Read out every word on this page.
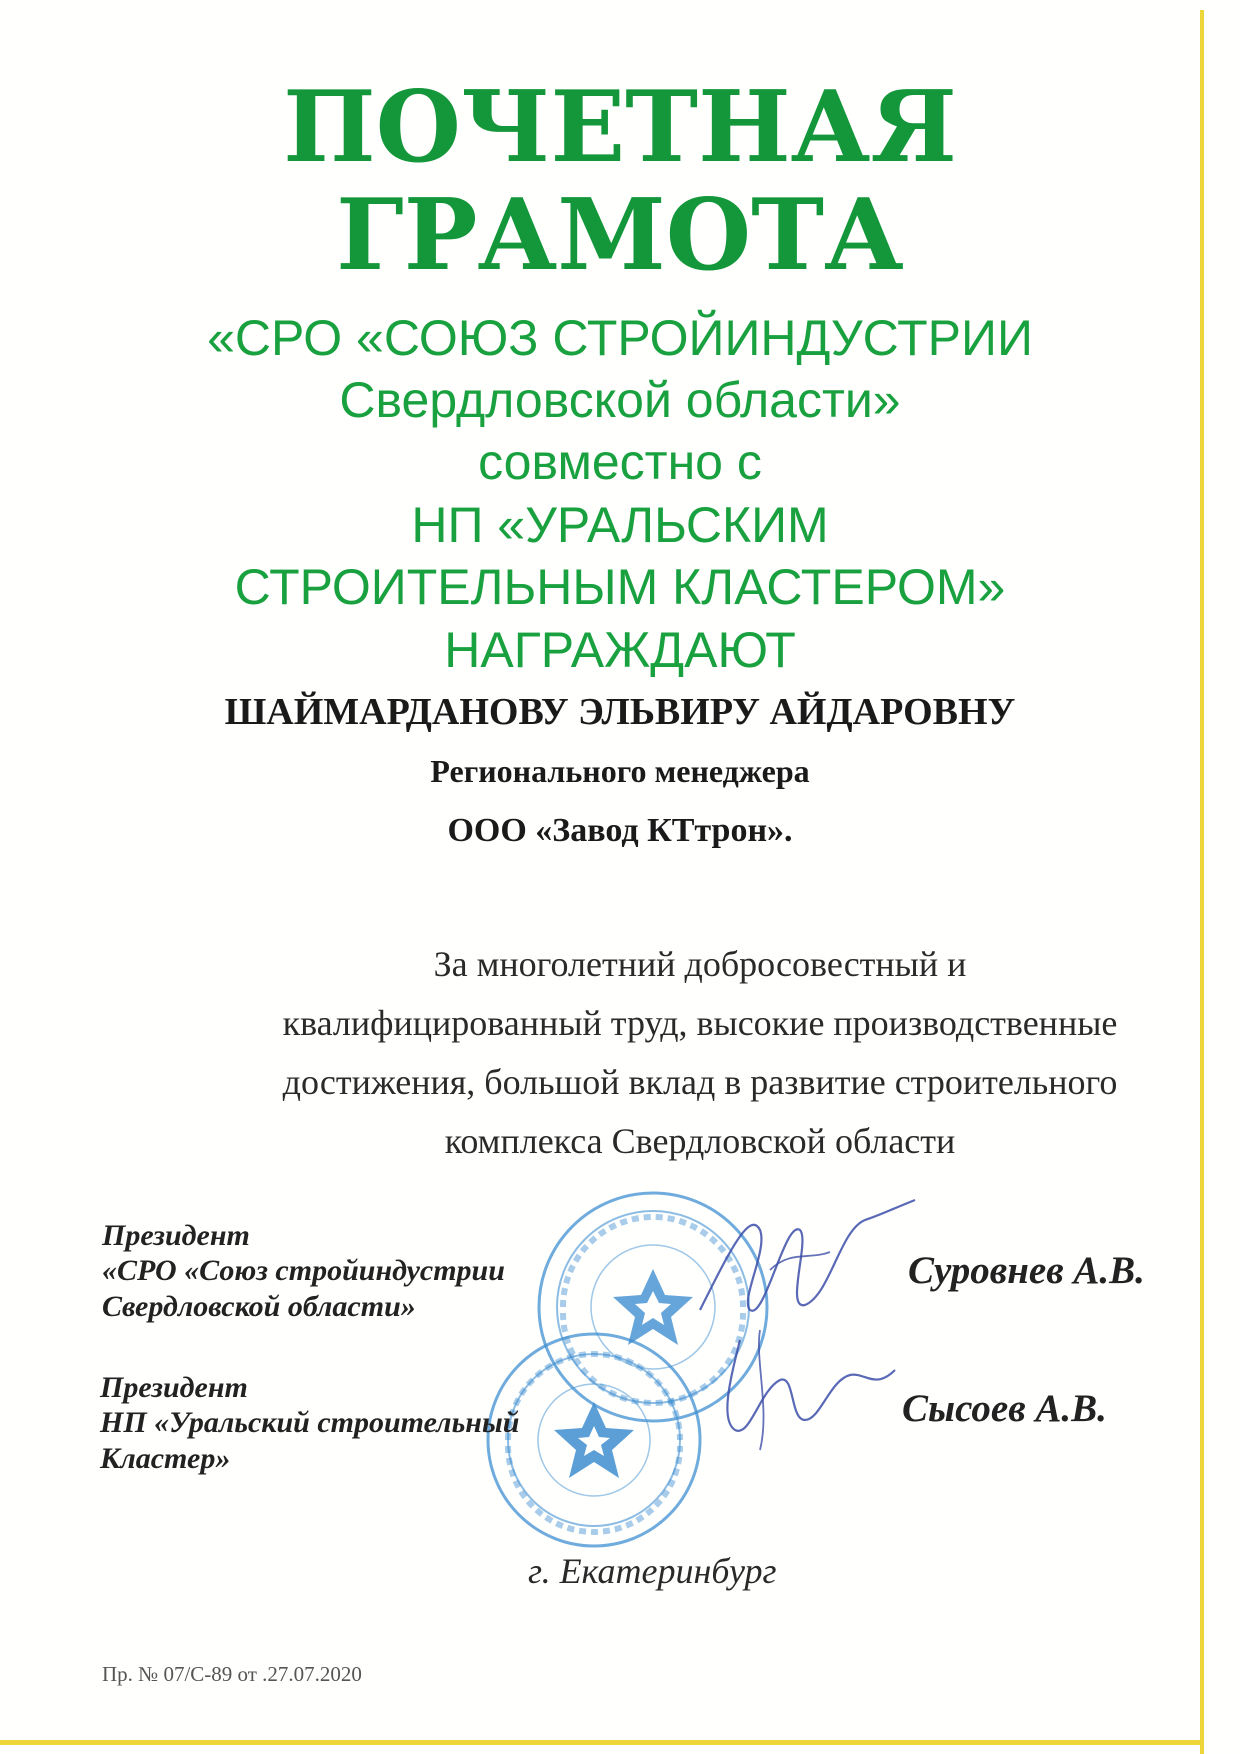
ПОЧЕТНАЯ
ГРАМОТА
«СРО «СОЮЗ СТРОЙИНДУСТРИИ
Свердловской области»
совместно с
НП «УРАЛЬСКИМ
СТРОИТЕЛЬНЫМ КЛАСТЕРОМ»
НАГРАЖДАЮТ
ШАЙМАРДАНОВУ ЭЛЬВИРУ АЙДАРОВНУ
Регионального менеджера
ООО «Завод КТтрон».
За многолетний добросовестный и
квалифицированный труд, высокие производственные
достижения, большой вклад в развитие строительного
комплекса Свердловской области
Президент
«СРО «Союз стройиндустрии
Свердловской области»
Суровнев А.В.
Президент
НП «Уральский строительный
Кластер»
Сысоев А.В.
г. Екатеринбург
Пр. № 07/С-89 от .27.07.2020
